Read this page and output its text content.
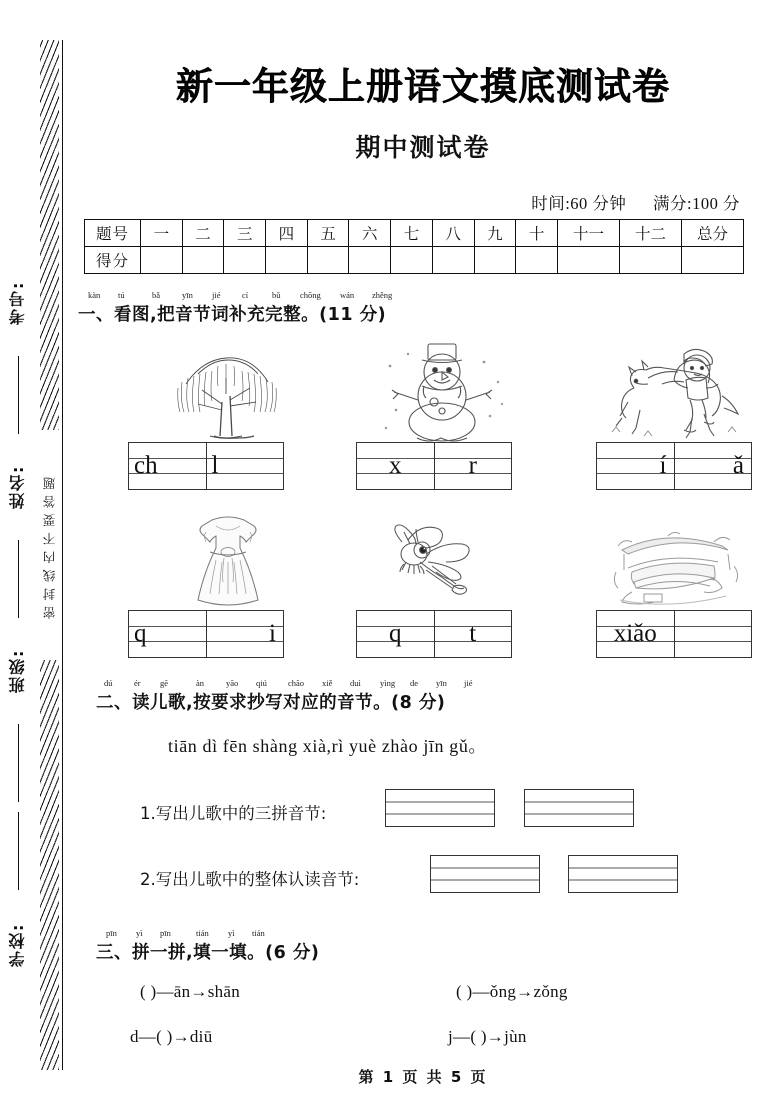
密封线内不要答题
考号:
姓名:
班级:
学校:
新一年级上册语文摸底测试卷
期中测试卷
时间:60 分钟 满分:100 分
题号	一	二	三	四	五	六	七	八	九	十	十一	十二	总分
得分													
kàn tú	bǎ	yīn jié	cí	bǔ chōng wán zhěng
一、看图,把音节词补充完整。(11 分)
ch	l	x	r	í	ǎ
q	i	q	t	xiǎo
dú	ér gē	àn	yāo qiú chāo xiě duì yìng de yīn jié
二、读儿歌,按要求抄写对应的音节。(8 分)
tiān dì fēn shàng xià,rì yuè zhào jīn gǔ。
1.写出儿歌中的三拼音节:
2.写出儿歌中的整体认读音节:
pīn yì pīn	tián yì tián
三、拼一拼,填一填。(6 分)
( )—ān→shān	( )—ǒng→zǒng
d—( )→diū	j—( )→jùn
第 1 页 共 5 页
